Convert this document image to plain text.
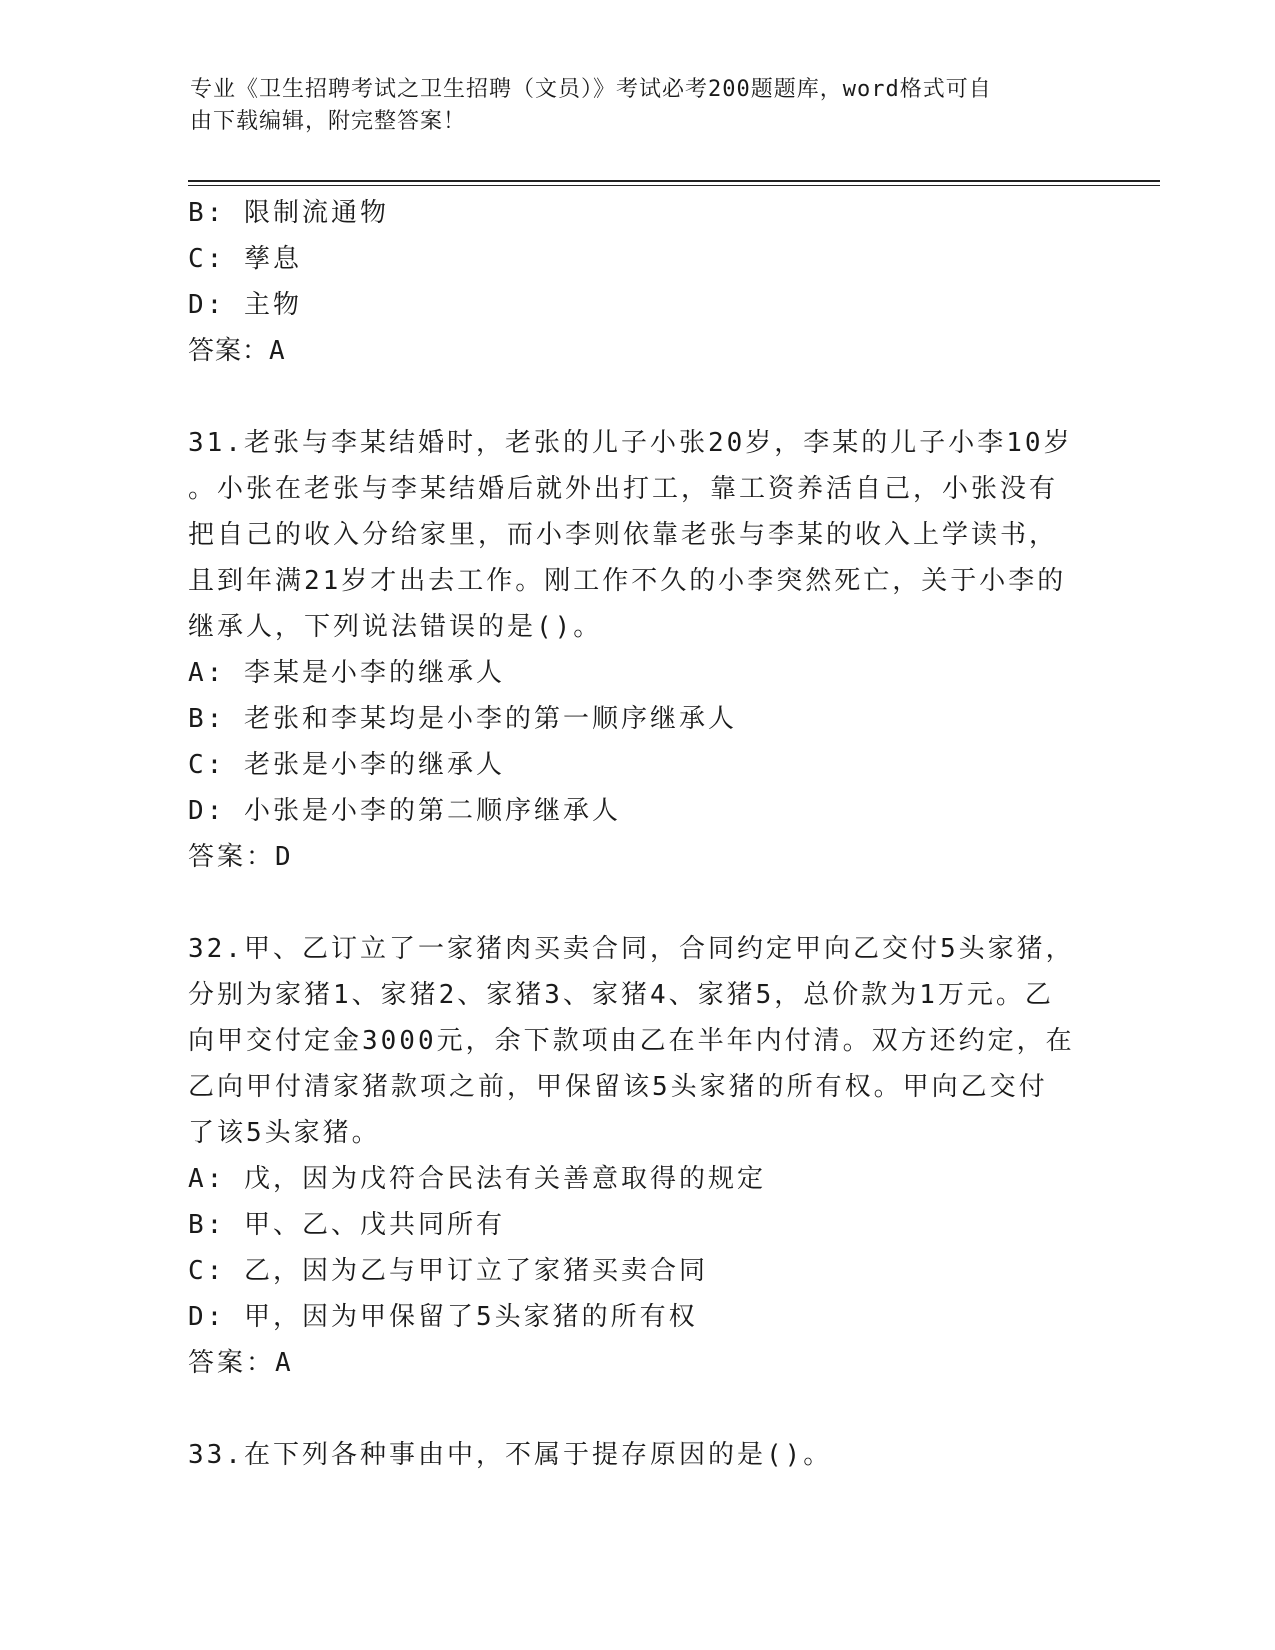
专业《卫生招聘考试之卫生招聘（文员）》考试必考200题题库，word格式可自
由下载编辑，附完整答案！
B: 限制流通物
C: 孳息
D: 主物
答案：A
31.老张与李某结婚时，老张的儿子小张20岁，李某的儿子小李10岁
。小张在老张与李某结婚后就外出打工，靠工资养活自己，小张没有
把自己的收入分给家里，而小李则依靠老张与李某的收入上学读书，
且到年满21岁才出去工作。刚工作不久的小李突然死亡，关于小李的
继承人，下列说法错误的是()。
A: 李某是小李的继承人
B: 老张和李某均是小李的第一顺序继承人
C: 老张是小李的继承人
D: 小张是小李的第二顺序继承人
答案：D
32.甲、乙订立了一家猪肉买卖合同，合同约定甲向乙交付5头家猪，
分别为家猪1、家猪2、家猪3、家猪4、家猪5，总价款为1万元。乙
向甲交付定金3000元，余下款项由乙在半年内付清。双方还约定，在
乙向甲付清家猪款项之前，甲保留该5头家猪的所有权。甲向乙交付
了该5头家猪。
A: 戊，因为戊符合民法有关善意取得的规定
B: 甲、乙、戊共同所有
C: 乙，因为乙与甲订立了家猪买卖合同
D: 甲，因为甲保留了5头家猪的所有权
答案：A
33.在下列各种事由中，不属于提存原因的是()。
